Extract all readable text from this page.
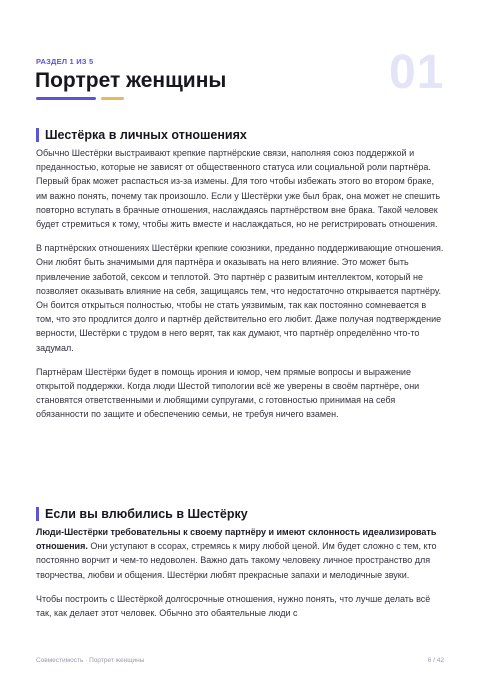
РАЗДЕЛ 1 ИЗ 5
Портрет женщины	01
Шестёрка в личных отношениях

Обычно Шестёрки выстраивают крепкие партнёрские связи, наполняя союз поддержкой и преданностью, которые не зависят от общественного статуса или социальной роли партнёра. Первый брак может распасться из-за измены. Для того чтобы избежать этого во втором браке, им важно понять, почему так произошло. Если у Шестёрки уже был брак, она может не спешить повторно вступать в брачные отношения, наслаждаясь партнёрством вне брака. Такой человек будет стремиться к тому, чтобы жить вместе и наслаждаться, но не регистрировать отношения.

В партнёрских отношениях Шестёрки крепкие союзники, преданно поддерживающие отношения. Они любят быть значимыми для партнёра и оказывать на него влияние. Это может быть привлечение заботой, сексом и теплотой. Это партнёр с развитым интеллектом, который не позволяет оказывать влияние на себя, защищаясь тем, что недостаточно открывается партнёру. Он боится открыться полностью, чтобы не стать уязвимым, так как постоянно сомневается в том, что это продлится долго и партнёр действительно его любит. Даже получая подтверждение верности, Шестёрки с трудом в него верят, так как думают, что партнёр определённо что-то задумал.

Партнёрам Шестёрки будет в помощь ирония и юмор, чем прямые вопросы и выражение открытой поддержки. Когда люди Шестой типологии всё же уверены в своём партнёре, они становятся ответственными и любящими супругами, с готовностью принимая на себя обязанности по защите и обеспечению семьи, не требуя ничего взамен.

Если вы влюбились в Шестёрку

Люди-Шестёрки требовательны к своему партнёру и имеют склонность идеализировать отношения. Они уступают в ссорах, стремясь к миру любой ценой. Им будет сложно с тем, кто постоянно ворчит и чем-то недоволен. Важно дать такому человеку личное пространство для творчества, любви и общения. Шестёрки любят прекрасные запахи и мелодичные звуки.

Чтобы построить с Шестёркой долгосрочные отношения, нужно понять, что лучше делать всё так, как делает этот человек. Обычно это обаятельные люди с

Совместимость · Портрет женщины	6 / 42
